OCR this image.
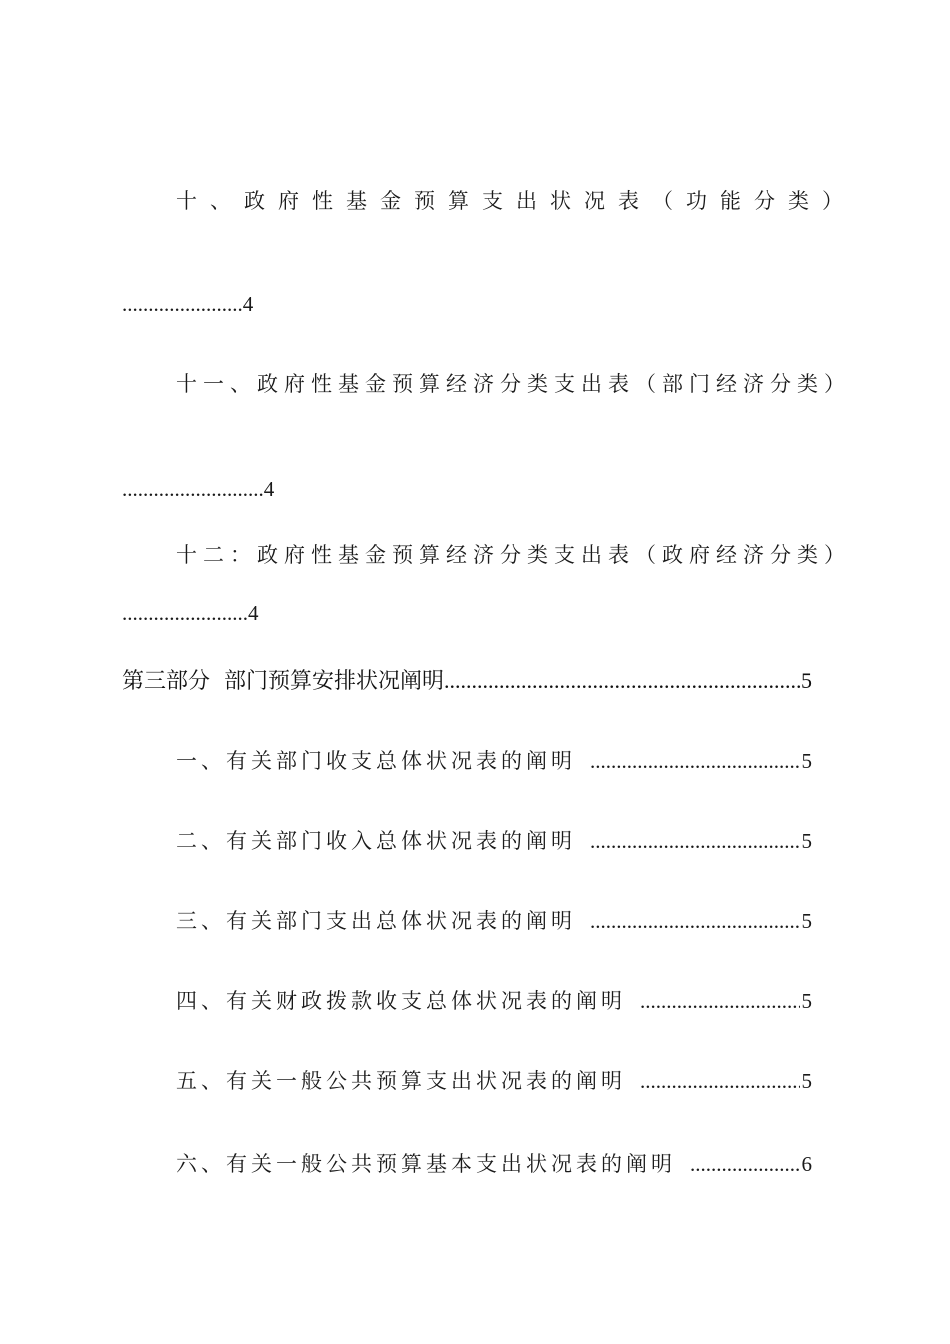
十、政府性基金预算支出状况表（功能分类）
.......................4
十一、政府性基金预算经济分类支出表（部门经济分类）
...........................4
十二：政府性基金预算经济分类支出表（政府经济分类）
........................4
第三部分  部门预算安排状况阐明 .....	5
一、有关部门收支总体状况表的阐明 .....	5
二、有关部门收入总体状况表的阐明 .....	5
三、有关部门支出总体状况表的阐明 .....	5
四、有关财政拨款收支总体状况表的阐明 .....	5
五、有关一般公共预算支出状况表的阐明 .....	5
六、有关一般公共预算基本支出状况表的阐明 .....	6
